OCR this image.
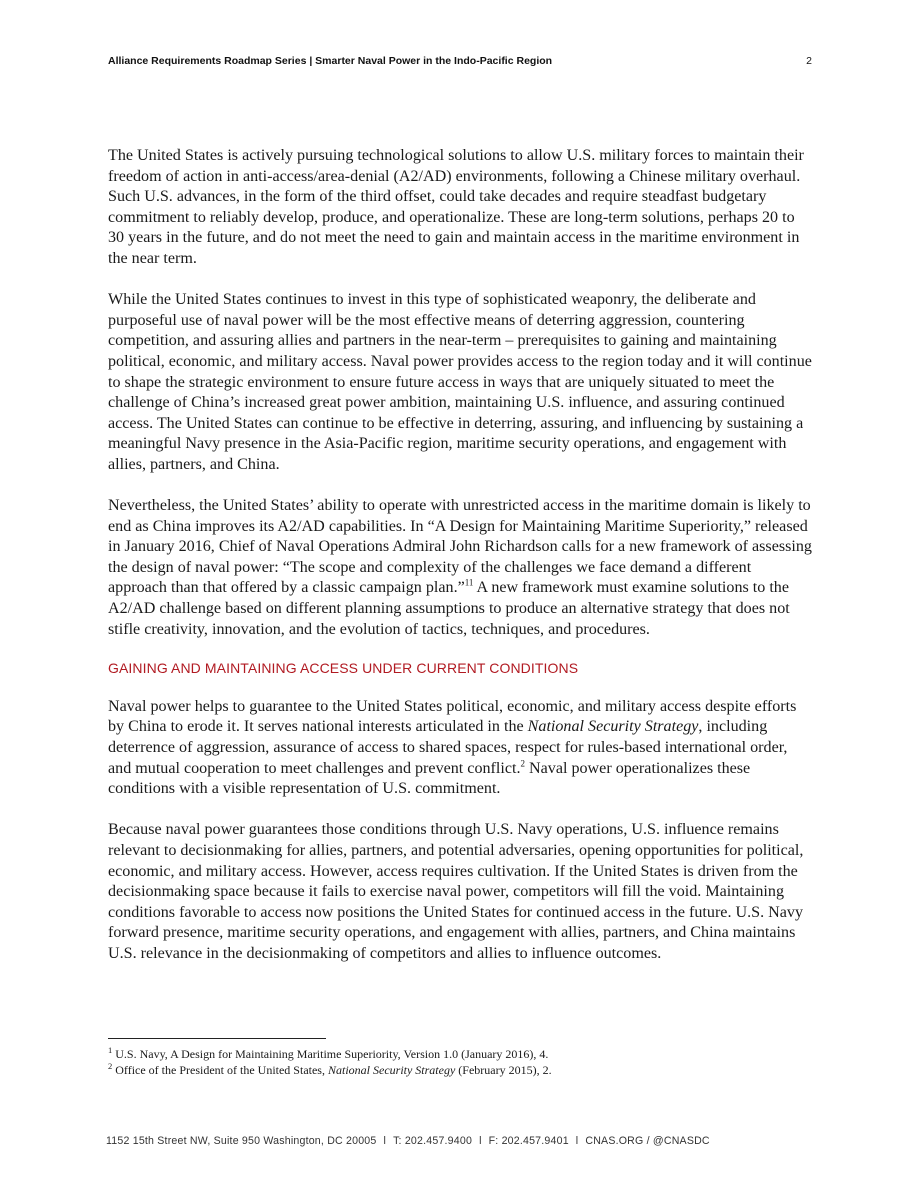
Alliance Requirements Roadmap Series | Smarter Naval Power in the Indo-Pacific Region	2

The United States is actively pursuing technological solutions to allow U.S. military forces to maintain their freedom of action in anti-access/area-denial (A2/AD) environments, following a Chinese military overhaul. Such U.S. advances, in the form of the third offset, could take decades and require steadfast budgetary commitment to reliably develop, produce, and operationalize. These are long-term solutions, perhaps 20 to 30 years in the future, and do not meet the need to gain and maintain access in the maritime environment in the near term.

While the United States continues to invest in this type of sophisticated weaponry, the deliberate and purposeful use of naval power will be the most effective means of deterring aggression, countering competition, and assuring allies and partners in the near-term – prerequisites to gaining and maintaining political, economic, and military access. Naval power provides access to the region today and it will continue to shape the strategic environment to ensure future access in ways that are uniquely situated to meet the challenge of China’s increased great power ambition, maintaining U.S. influence, and assuring continued access. The United States can continue to be effective in deterring, assuring, and influencing by sustaining a meaningful Navy presence in the Asia-Pacific region, maritime security operations, and engagement with allies, partners, and China.

Nevertheless, the United States’ ability to operate with unrestricted access in the maritime domain is likely to end as China improves its A2/AD capabilities. In “A Design for Maintaining Maritime Superiority,” released in January 2016, Chief of Naval Operations Admiral John Richardson calls for a new framework of assessing the design of naval power: “The scope and complexity of the challenges we face demand a different approach than that offered by a classic campaign plan.”$^{11}$ A new framework must examine solutions to the A2/AD challenge based on different planning assumptions to produce an alternative strategy that does not stifle creativity, innovation, and the evolution of tactics, techniques, and procedures.

GAINING AND MAINTAINING ACCESS UNDER CURRENT CONDITIONS

Naval power helps to guarantee to the United States political, economic, and military access despite efforts by China to erode it. It serves national interests articulated in the National Security Strategy, including deterrence of aggression, assurance of access to shared spaces, respect for rules-based international order, and mutual cooperation to meet challenges and prevent conflict.$^2$ Naval power operationalizes these conditions with a visible representation of U.S. commitment.

Because naval power guarantees those conditions through U.S. Navy operations, U.S. influence remains relevant to decisionmaking for allies, partners, and potential adversaries, opening opportunities for political, economic, and military access. However, access requires cultivation. If the United States is driven from the decisionmaking space because it fails to exercise naval power, competitors will fill the void. Maintaining conditions favorable to access now positions the United States for continued access in the future. U.S. Navy forward presence, maritime security operations, and engagement with allies, partners, and China maintains U.S. relevance in the decisionmaking of competitors and allies to influence outcomes.

$^1$ U.S. Navy, A Design for Maintaining Maritime Superiority, Version 1.0 (January 2016), 4.
$^2$ Office of the President of the United States, National Security Strategy (February 2015), 2.
1152 15th Street NW, Suite 950 Washington, DC 20005 l T: 202.457.9400 l F: 202.457.9401 l CNAS.ORG / @CNASDC
